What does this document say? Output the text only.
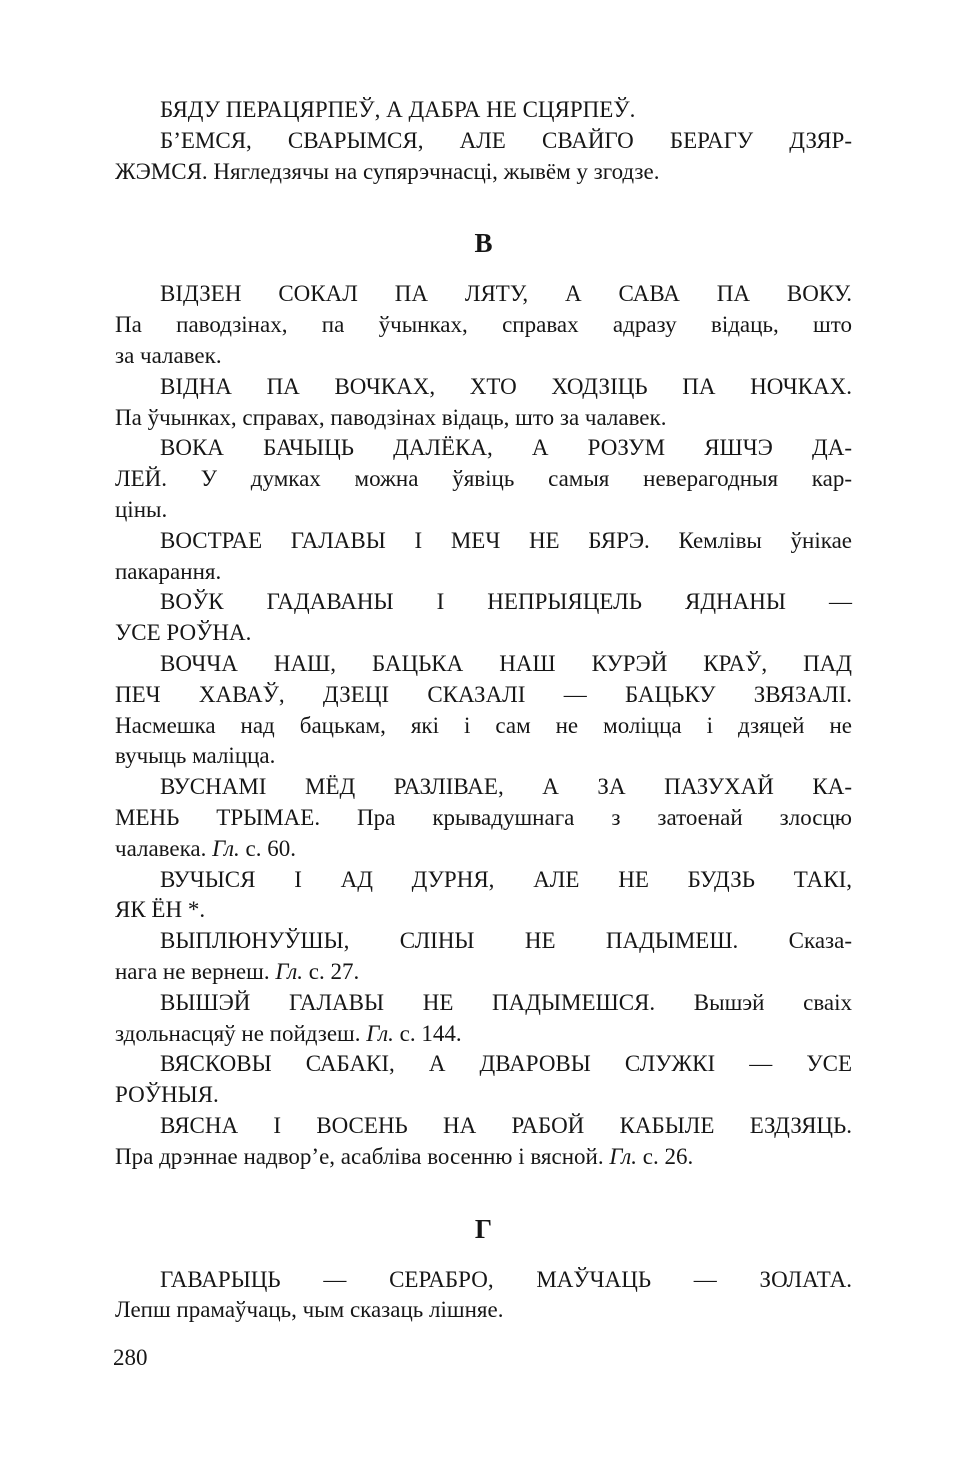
БЯДУ ПЕРАЦЯРПЕЎ, А ДАБРА НЕ СЦЯРПЕЎ.
Б’ЕМСЯ, СВАРЫМСЯ, АЛЕ СВАЙГО БЕРАГУ ДЗЯР-
ЖЭМСЯ. Нягледзячы на супярэчнасці, жывём у згодзе.
В
ВІДЗЕН СОКАЛ ПА ЛЯТУ, А САВА ПА ВОКУ.
Па паводзінах, па ўчынках, справах адразу відаць, што
за чалавек.
ВІДНА ПА ВОЧКАХ, ХТО ХОДЗІЦЬ ПА НОЧКАХ.
Па ўчынках, справах, паводзінах відаць, што за чалавек.
ВОКА БАЧЫЦЬ ДАЛЁКА, А РОЗУМ ЯШЧЭ ДА-
ЛЕЙ. У думках можна ўявіць самыя неверагодныя кар-
ціны.
ВОСТРАЕ ГАЛАВЫ І МЕЧ НЕ БЯРЭ. Кемлівы ўнікае
пакарання.
ВОЎК ГАДАВАНЫ І НЕПРЫЯЦЕЛЬ ЯДНАНЫ —
УСЕ РОЎНА.
ВОЧЧА НАШ, БАЦЬКА НАШ КУРЭЙ КРАЎ, ПАД
ПЕЧ ХАВАЎ, ДЗЕЦІ СКАЗАЛІ — БАЦЬКУ ЗВЯЗАЛІ.
Насмешка над бацькам, які і сам не моліцца і дзяцей не
вучыць маліцца.
ВУСНАМІ МЁД РАЗЛІВАЕ, А ЗА ПАЗУХАЙ КА-
МЕНЬ ТРЫМАЕ. Пра крывадушнага з затоенай злосцю
чалавека. Гл. с. 60.
ВУЧЫСЯ І АД ДУРНЯ, АЛЕ НЕ БУДЗЬ ТАКІ,
ЯК ЁН *.
ВЫПЛЮНУЎШЫ, СЛІНЫ НЕ ПАДЫМЕШ. Сказа-
нага не вернеш. Гл. с. 27.
ВЫШЭЙ ГАЛАВЫ НЕ ПАДЫМЕШСЯ. Вышэй сваіх
здольнасцяў не пойдзеш. Гл. с. 144.
ВЯСКОВЫ САБАКІ, А ДВАРОВЫ СЛУЖКІ — УСЕ
РОЎНЫЯ.
ВЯСНА І ВОСЕНЬ НА РАБОЙ КАБЫЛЕ ЕЗДЗЯЦЬ.
Пра дрэннае надвор’е, асабліва восенню і вясной. Гл. с. 26.
Г
ГАВАРЫЦЬ — СЕРАБРО, МАЎЧАЦЬ — ЗОЛАТА.
Лепш прамаўчаць, чым сказаць лішняе.
280
